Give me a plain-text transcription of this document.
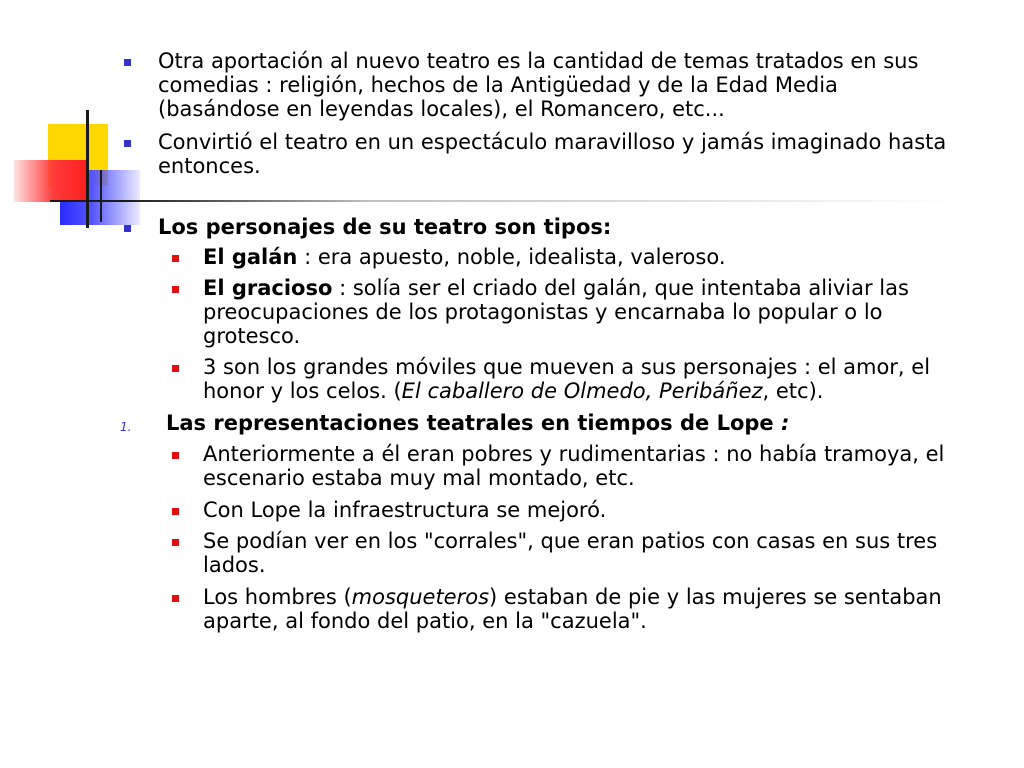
Otra aportación al nuevo teatro es la cantidad de temas tratados en sus comedias : religión, hechos de la Antigüedad y de la Edad Media (basándose en leyendas locales), el Romancero, etc...
Convirtió el teatro en un espectáculo maravilloso y jamás imaginado hasta entonces.
Los personajes de su teatro son tipos:
El galán : era apuesto, noble, idealista, valeroso.
El gracioso : solía ser el criado del galán, que intentaba aliviar las preocupaciones de los protagonistas y encarnaba lo popular o lo grotesco.
3 son los grandes móviles que mueven a sus personajes : el amor, el honor y los celos. (El caballero de Olmedo, Peribáñez, etc).
1. Las representaciones teatrales en tiempos de Lope :
Anteriormente a él eran pobres y rudimentarias : no había tramoya, el escenario estaba muy mal montado, etc.
Con Lope la infraestructura se mejoró.
Se podían ver en los "corrales", que eran patios con casas en sus tres lados.
Los hombres (mosqueteros) estaban de pie y las mujeres se sentaban aparte, al fondo del patio, en la "cazuela".
